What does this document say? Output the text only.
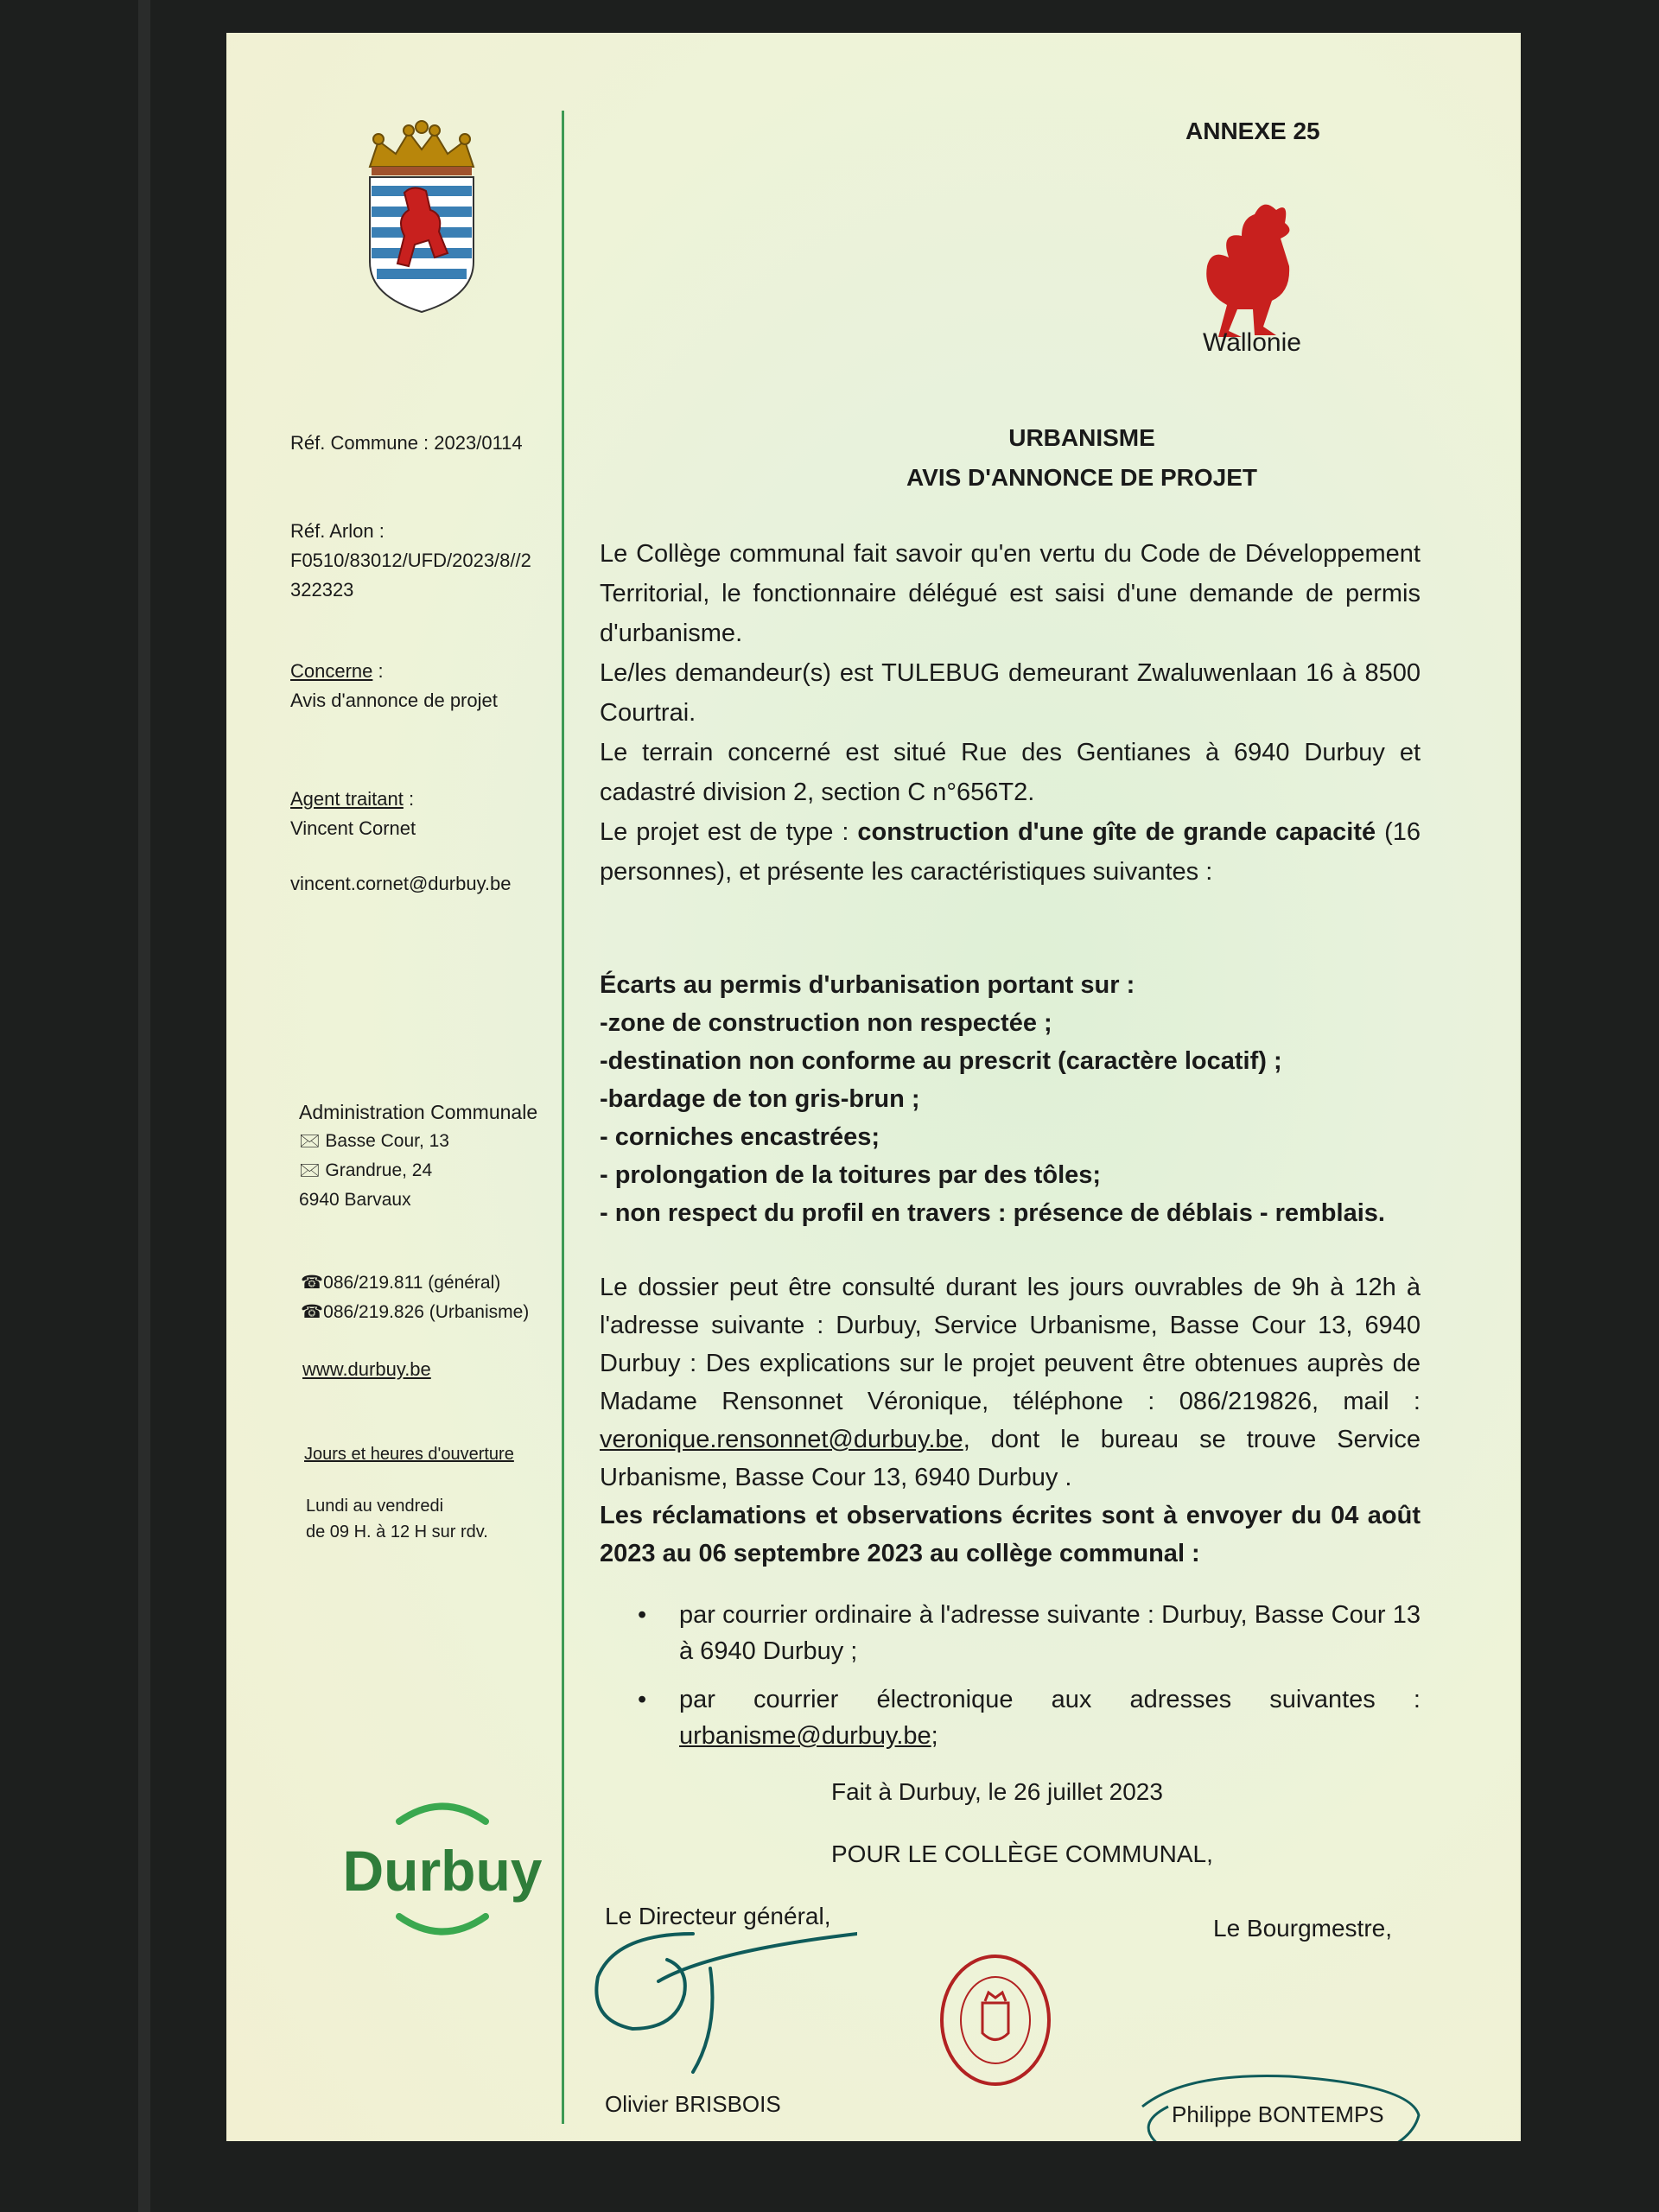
Réf. Commune : 2023/0114
Réf. Arlon :
F0510/83012/UFD/2023/8//2
322323
Concerne :
Avis d'annonce de projet
Agent traitant :
Vincent Cornet
vincent.cornet@durbuy.be
Administration Communale
🖂 Basse Cour, 13
🖂 Grandrue, 24
6940 Barvaux
☎086/219.811 (général)
☎086/219.826 (Urbanisme)
www.durbuy.be
Jours et heures d'ouverture
Lundi au vendredi
de 09 H. à 12 H sur rdv.
Durbuy
ANNEXE 25
Wallonie
URBANISME
AVIS D'ANNONCE DE PROJET

Le Collège communal fait savoir qu'en vertu du Code de Développement Territorial, le fonctionnaire délégué est saisi d'une demande de permis d'urbanisme.

Le/les demandeur(s) est TULEBUG demeurant Zwaluwenlaan 16 à 8500 Courtrai.

Le terrain concerné est situé Rue des Gentianes à 6940 Durbuy et cadastré division 2, section C n°656T2.

Le projet est de type : construction d'une gîte de grande capacité (16 personnes), et présente les caractéristiques suivantes :

Écarts au permis d'urbanisation portant sur :
-zone de construction non respectée ;
-destination non conforme au prescrit (caractère locatif) ;
-bardage de ton gris-brun ;
- corniches encastrées;
- prolongation de la toitures par des tôles;
- non respect du profil en travers : présence de déblais - remblais.

Le dossier peut être consulté durant les jours ouvrables de 9h à 12h à l'adresse suivante : Durbuy, Service Urbanisme, Basse Cour 13, 6940 Durbuy : Des explications sur le projet peuvent être obtenues auprès de Madame Rensonnet Véronique, téléphone : 086/219826, mail : veronique.rensonnet@durbuy.be, dont le bureau se trouve Service Urbanisme, Basse Cour 13, 6940 Durbuy .

Les réclamations et observations écrites sont à envoyer du 04 août 2023 au 06 septembre 2023 au collège communal :

• par courrier ordinaire à l'adresse suivante : Durbuy, Basse Cour 13 à 6940 Durbuy ;
• par courrier électronique aux adresses suivantes : urbanisme@durbuy.be;
Fait à Durbuy, le 26 juillet 2023
POUR LE COLLÈGE COMMUNAL,
Le Directeur général,	Le Bourgmestre,
Olivier BRISBOIS	Philippe BONTEMPS
